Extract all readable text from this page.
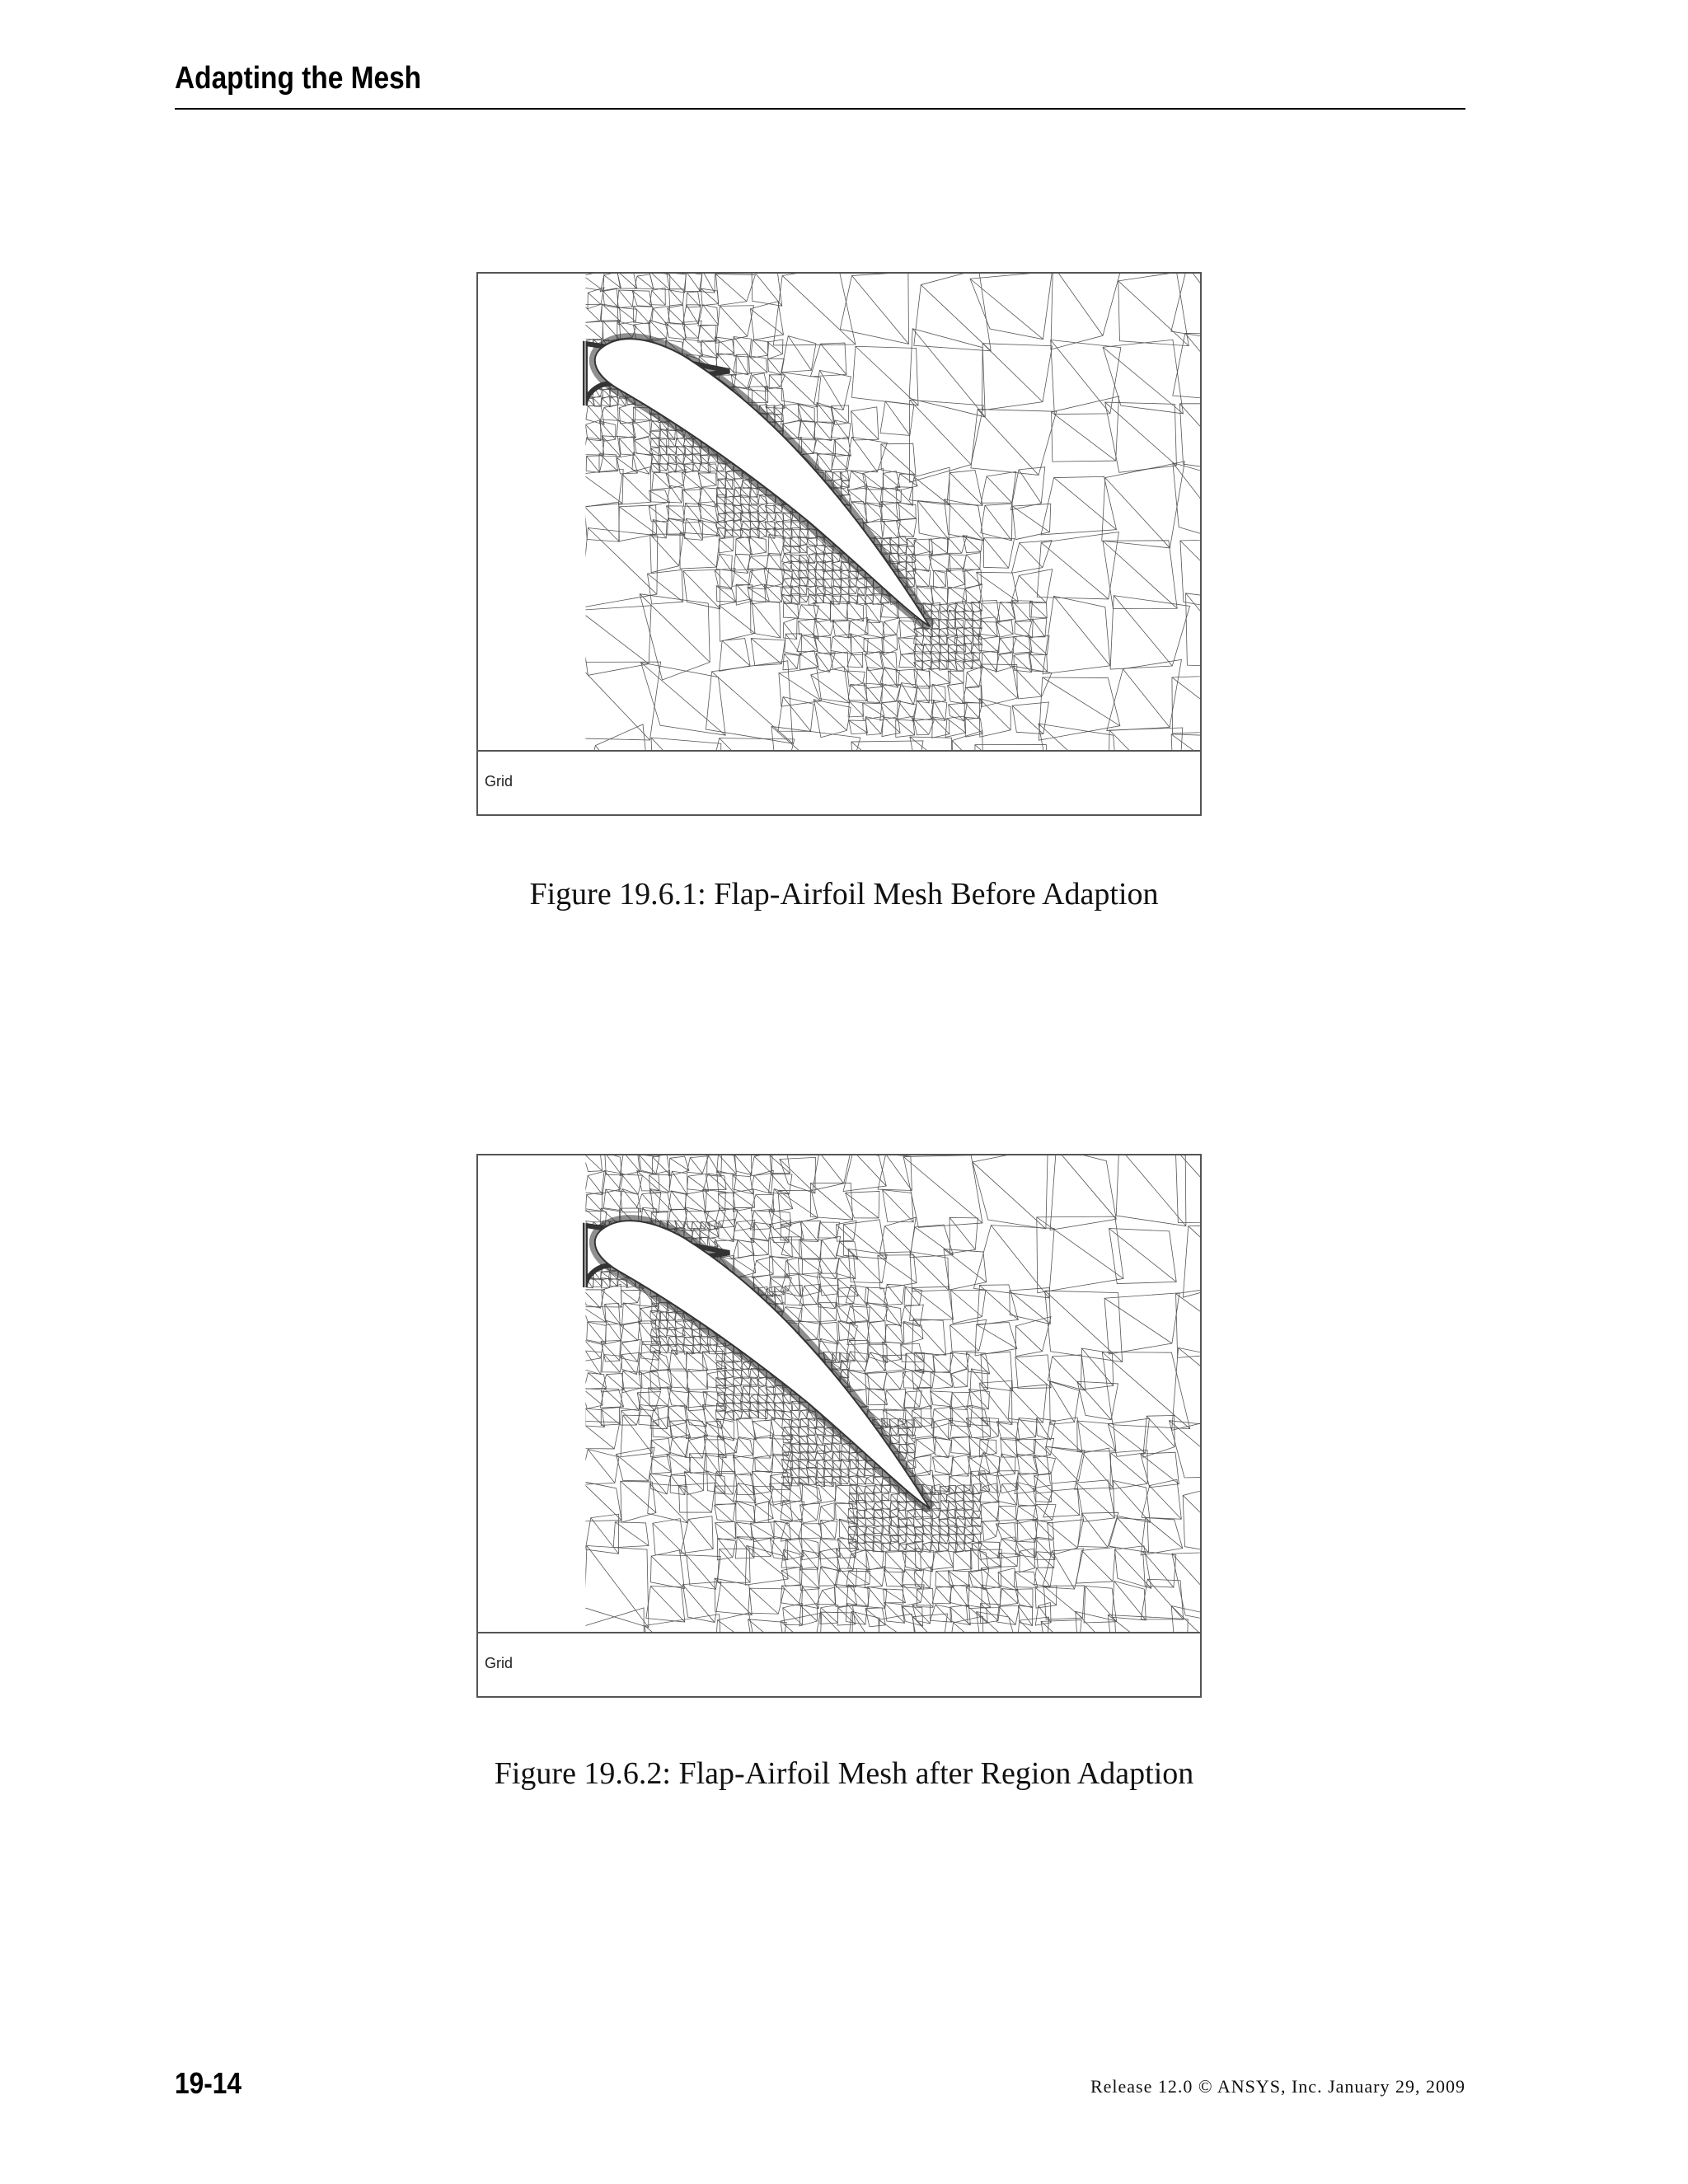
Adapting the Mesh
Grid
Figure 19.6.1: Flap-Airfoil Mesh Before Adaption
Grid
Figure 19.6.2: Flap-Airfoil Mesh after Region Adaption
19-14	Release 12.0 © ANSYS, Inc. January 29, 2009
